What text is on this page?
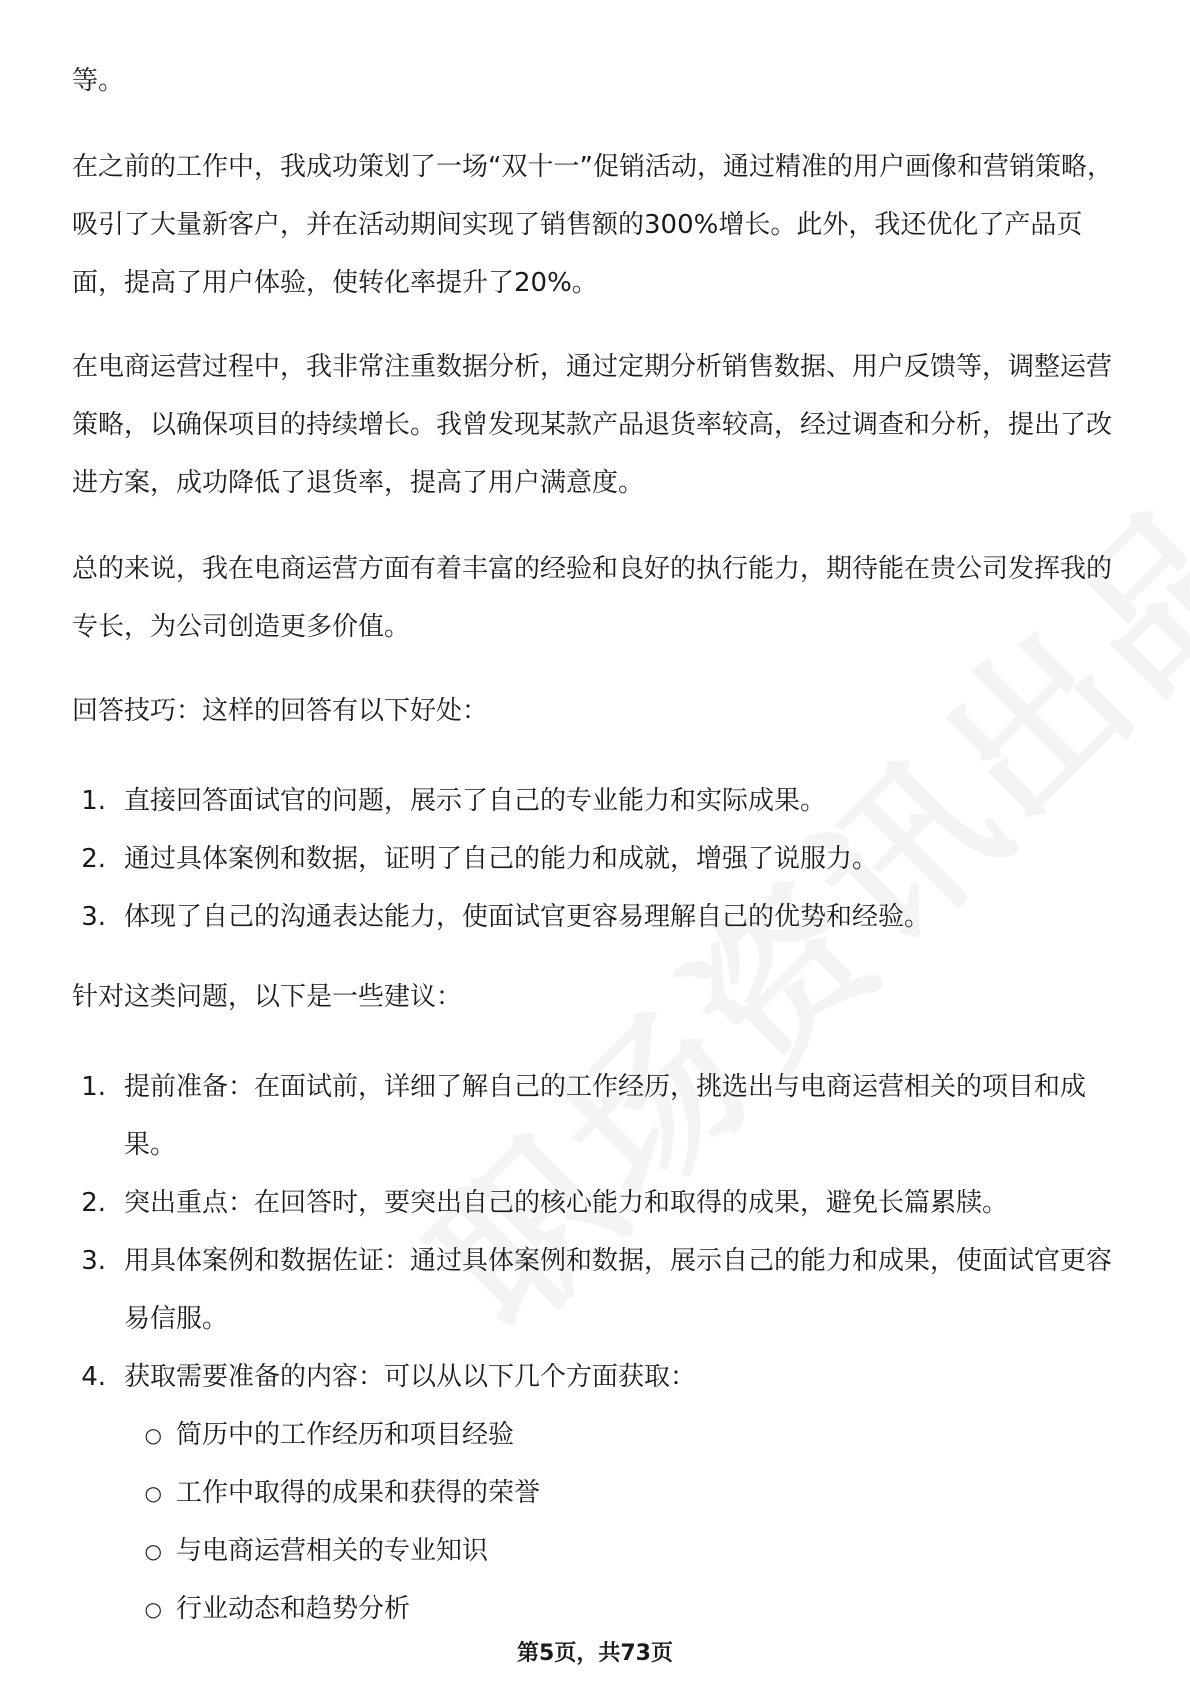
等。

在之前的工作中，我成功策划了一场“双十一”促销活动，通过精准的用户画像和营销策略，吸引了大量新客户，并在活动期间实现了销售额的300%增长。此外，我还优化了产品页面，提高了用户体验，使转化率提升了20%。

在电商运营过程中，我非常注重数据分析，通过定期分析销售数据、用户反馈等，调整运营策略，以确保项目的持续增长。我曾发现某款产品退货率较高，经过调查和分析，提出了改进方案，成功降低了退货率，提高了用户满意度。

总的来说，我在电商运营方面有着丰富的经验和良好的执行能力，期待能在贵公司发挥我的专长，为公司创造更多价值。

回答技巧：这样的回答有以下好处：

1. 直接回答面试官的问题，展示了自己的专业能力和实际成果。
2. 通过具体案例和数据，证明了自己的能力和成就，增强了说服力。
3. 体现了自己的沟通表达能力，使面试官更容易理解自己的优势和经验。

针对这类问题，以下是一些建议：

1. 提前准备：在面试前，详细了解自己的工作经历，挑选出与电商运营相关的项目和成果。
2. 突出重点：在回答时，要突出自己的核心能力和取得的成果，避免长篇累牍。
3. 用具体案例和数据佐证：通过具体案例和数据，展示自己的能力和成果，使面试官更容易信服。
4. 获取需要准备的内容：可以从以下几个方面获取：
○ 简历中的工作经历和项目经验
○ 工作中取得的成果和获得的荣誉
○ 与电商运营相关的专业知识
○ 行业动态和趋势分析
第5页，共73页
